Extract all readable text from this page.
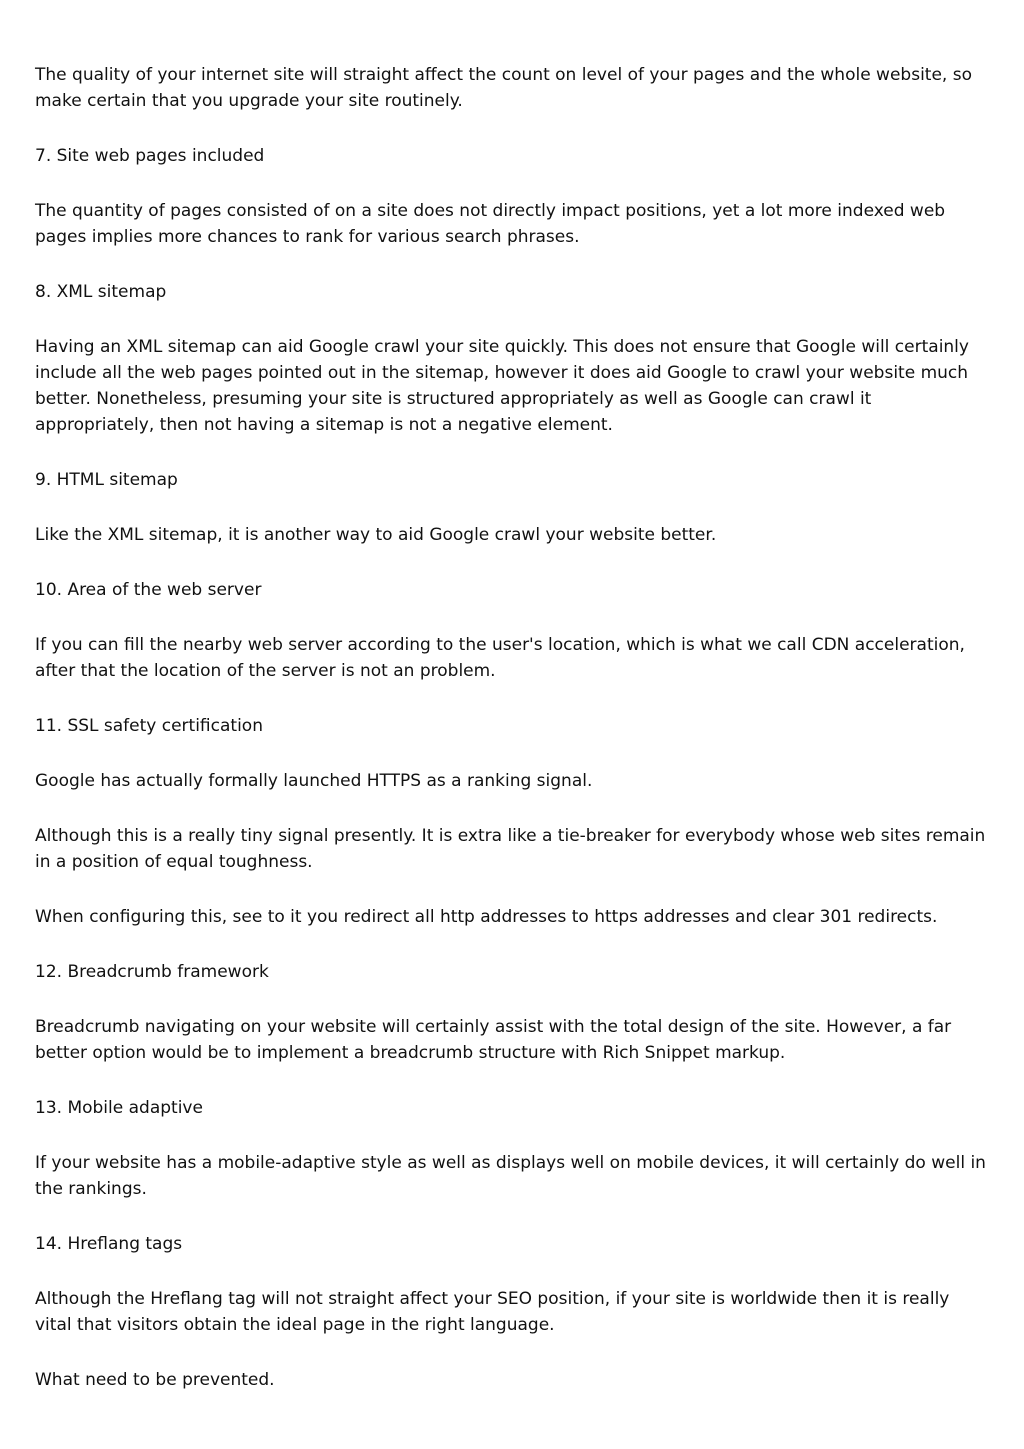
The quality of your internet site will straight affect the count on level of your pages and the whole website, so make certain that you upgrade your site routinely.

7. Site web pages included

The quantity of pages consisted of on a site does not directly impact positions, yet a lot more indexed web pages implies more chances to rank for various search phrases.

8. XML sitemap

Having an XML sitemap can aid Google crawl your site quickly. This does not ensure that Google will certainly include all the web pages pointed out in the sitemap, however it does aid Google to crawl your website much better. Nonetheless, presuming your site is structured appropriately as well as Google can crawl it appropriately, then not having a sitemap is not a negative element.

9. HTML sitemap

Like the XML sitemap, it is another way to aid Google crawl your website better.

10. Area of the web server

If you can fill the nearby web server according to the user's location, which is what we call CDN acceleration, after that the location of the server is not an problem.

11. SSL safety certification

Google has actually formally launched HTTPS as a ranking signal.

Although this is a really tiny signal presently. It is extra like a tie-breaker for everybody whose web sites remain in a position of equal toughness.

When configuring this, see to it you redirect all http addresses to https addresses and clear 301 redirects.

12. Breadcrumb framework

Breadcrumb navigating on your website will certainly assist with the total design of the site. However, a far better option would be to implement a breadcrumb structure with Rich Snippet markup.

13. Mobile adaptive

If your website has a mobile-adaptive style as well as displays well on mobile devices, it will certainly do well in the rankings.

14. Hreflang tags

Although the Hreflang tag will not straight affect your SEO position, if your site is worldwide then it is really vital that visitors obtain the ideal page in the right language.

What need to be prevented.
